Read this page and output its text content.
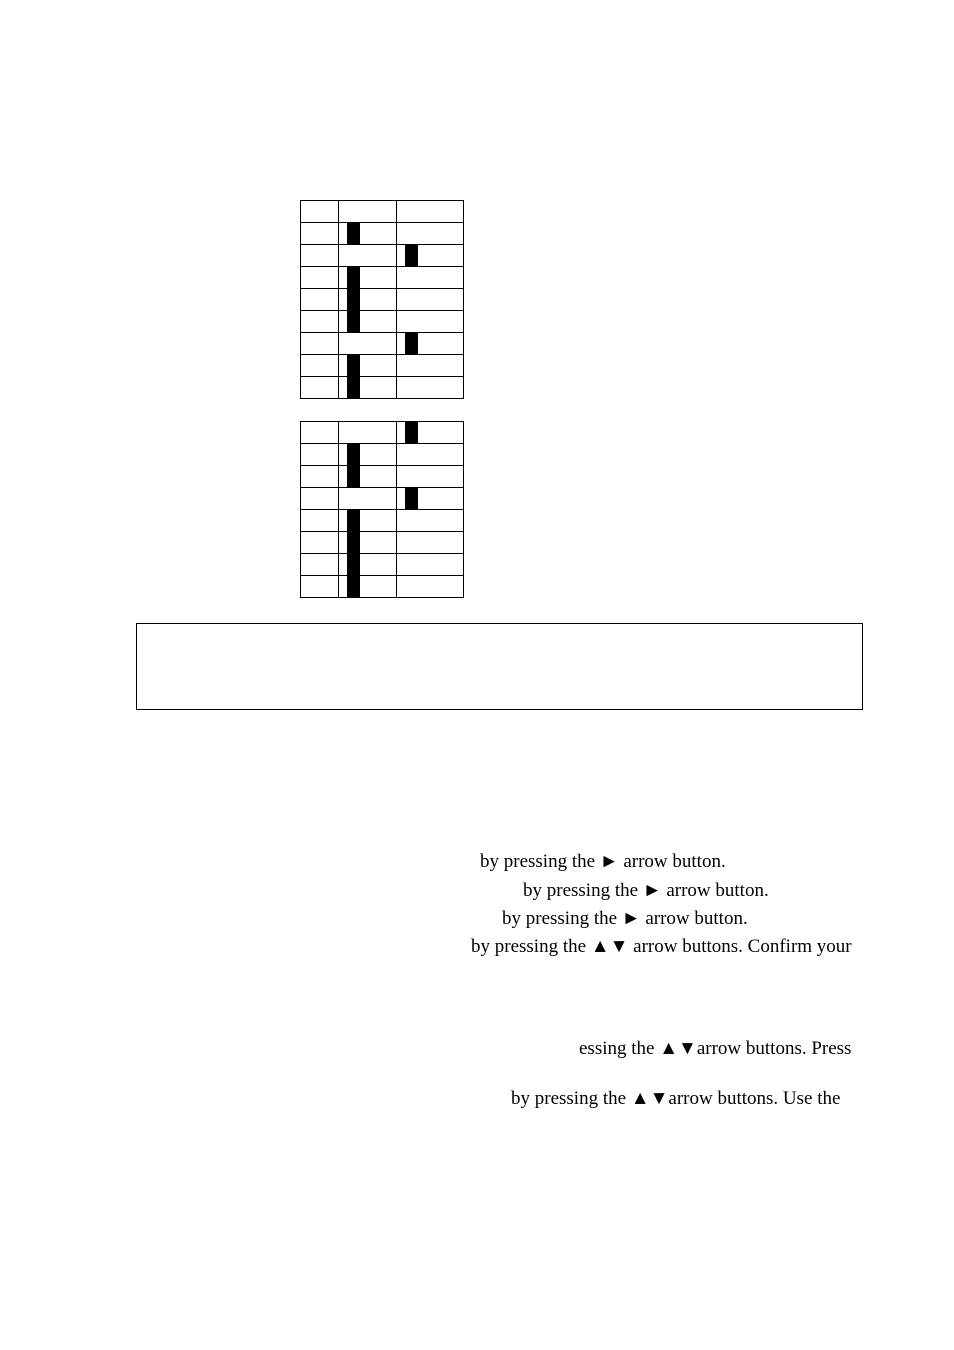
by pressing the ► arrow button.
by pressing the ► arrow button.
by pressing the ► arrow button.
by pressing the ▲▼ arrow buttons. Confirm your
essing the ▲▼arrow buttons. Press
by pressing the ▲▼arrow buttons. Use the
